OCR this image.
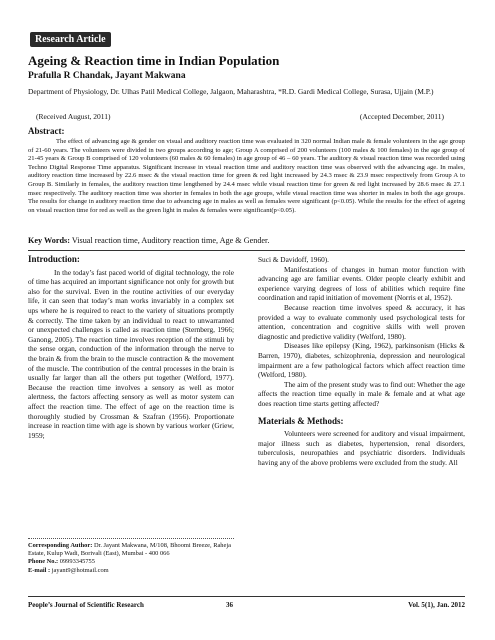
Research Article
Ageing & Reaction time in Indian Population
Prafulla R Chandak, Jayant Makwana
Department of Physiology, Dr. Ulhas Patil Medical College, Jalgaon, Maharashtra, *R.D. Gardi Medical College, Surasa, Ujjain (M.P.)
(Received August, 2011)	(Accepted December, 2011)
Abstract:

The effect of advancing age & gender on visual and auditory reaction time was evaluated in 320 normal Indian male & female volunteers in the age group of 21-60 years. The volunteers were divided in two groups according to age; Group A comprised of 200 volunteers (100 males & 100 females) in the age group of 21-45 years & Group B comprised of 120 volunteers (60 males & 60 females) in age group of 46 – 60 years. The auditory & visual reaction time was recorded using Techno Digital Response Time apparatus. Significant increase in visual reaction time and auditory reaction time was observed with the advancing age. In males, auditory reaction time increased by 22.6 msec & the visual reaction time for green & red light increased by 24.3 msec & 23.9 msec respectively from Group A to Group B. Similarly in females, the auditory reaction time lengthened by 24.4 msec while visual reaction time for green & red light increased by 28.6 msec & 27.1 msec respectively. The auditory reaction time was shorter in females in both the age groups, while visual reaction time was shorter in males in both the age groups. The results for change in auditory reaction time due to advancing age in males as well as females were significant (p<0.05). While the results for the effect of ageing on visual reaction time for red as well as the green light in males & females were significant(p<0.05).

Key Words: Visual reaction time, Auditory reaction time, Age & Gender.
Introduction:

In the today’s fast paced world of digital technology, the role of time has acquired an important significance not only for growth but also for the survival. Even in the routine activities of our everyday life, it can seen that today’s man works invariably in a complex set ups where he is required to react to the variety of situations promptly & correctly. The time taken by an individual to react to unwarranted or unexpected challenges is called as reaction time (Sternberg, 1966; Ganong, 2005). The reaction time involves reception of the stimuli by the sense organ, conduction of the information through the nerve to the brain & from the brain to the muscle contraction & the movement of the muscle. The contribution of the central processes in the brain is usually far larger than all the others put together (Welford, 1977). Because the reaction time involves a sensory as well as motor alertness, the factors affecting sensory as well as motor system can affect the reaction time. The effect of age on the reaction time is thoroughly studied by Crossman & Szafran (1956). Proportionate increase in reaction time with age is shown by various worker (Griew, 1959;

Suci & Davidoff, 1960).

Manifestations of changes in human motor function with advancing age are familiar events. Older people clearly exhibit and experience varying degrees of loss of abilities which require fine coordination and rapid initiation of movement (Norris et al, 1952).

Because reaction time involves speed & accuracy, it has provided a way to evaluate commonly used psychological tests for attention, concentration and cognitive skills with well proven diagnostic and predictive validity (Welford, 1980).

Diseases like epilepsy (King, 1962), parkinsonism (Hicks & Barren, 1970), diabetes, schizophrenia, depression and neurological impairment are a few pathological factors which affect reaction time (Welford, 1980).

The aim of the present study was to find out: Whether the age affects the reaction time equally in male & female and at what age does reaction time starts getting affected?

Materials & Methods:

Volunteers were screened for auditory and visual impairment, major illness such as diabetes, hypertension, renal disorders, tuberculosis, neuropathies and psychiatric disorders. Individuals having any of the above problems were excluded from the study. All

Corresponding Author: Dr. Jayant Makwana, M/108, Bhoomi Breeze, Raheja Estate, Kulup Wadi, Borivali (East), Mumbai - 400 066
Phone No.: 09993345755
E-mail : jayant9@hotmail.com
People’s Journal of Scientific Research	36	Vol. 5(1), Jan. 2012
